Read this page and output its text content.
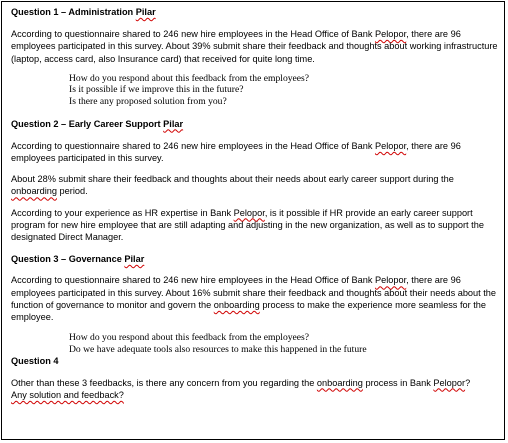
Question 1 – Administration Pilar

According to questionnaire shared to 246 new hire employees in the Head Office of Bank Pelopor, there are 96 employees participated in this survey. About 39% submit share their feedback and thoughts about working infrastructure (laptop, access card, also Insurance card) that received for quite long time.

How do you respond about this feedback from the employees?

Is it possible if we improve this in the future?

Is there any proposed solution from you?

Question 2 – Early Career Support Pilar

According to questionnaire shared to 246 new hire employees in the Head Office of Bank Pelopor, there are 96 employees participated in this survey.

About 28% submit share their feedback and thoughts about their needs about early career support during the onboarding period.

According to your experience as HR expertise in Bank Pelopor, is it possible if HR provide an early career support program for new hire employee that are still adapting and adjusting in the new organization, as well as to support the designated Direct Manager.

Question 3 – Governance Pilar

According to questionnaire shared to 246 new hire employees in the Head Office of Bank Pelopor, there are 96 employees participated in this survey. About 16% submit share their feedback and thoughts about their needs about the function of governance to monitor and govern the onboarding process to make the experience more seamless for the employee.

How do you respond about this feedback from the employees?

Do we have adequate tools also resources to make this happened in the future

Question 4

Other than these 3 feedbacks, is there any concern from you regarding the onboarding process in Bank Pelopor?
Any solution and feedback?
